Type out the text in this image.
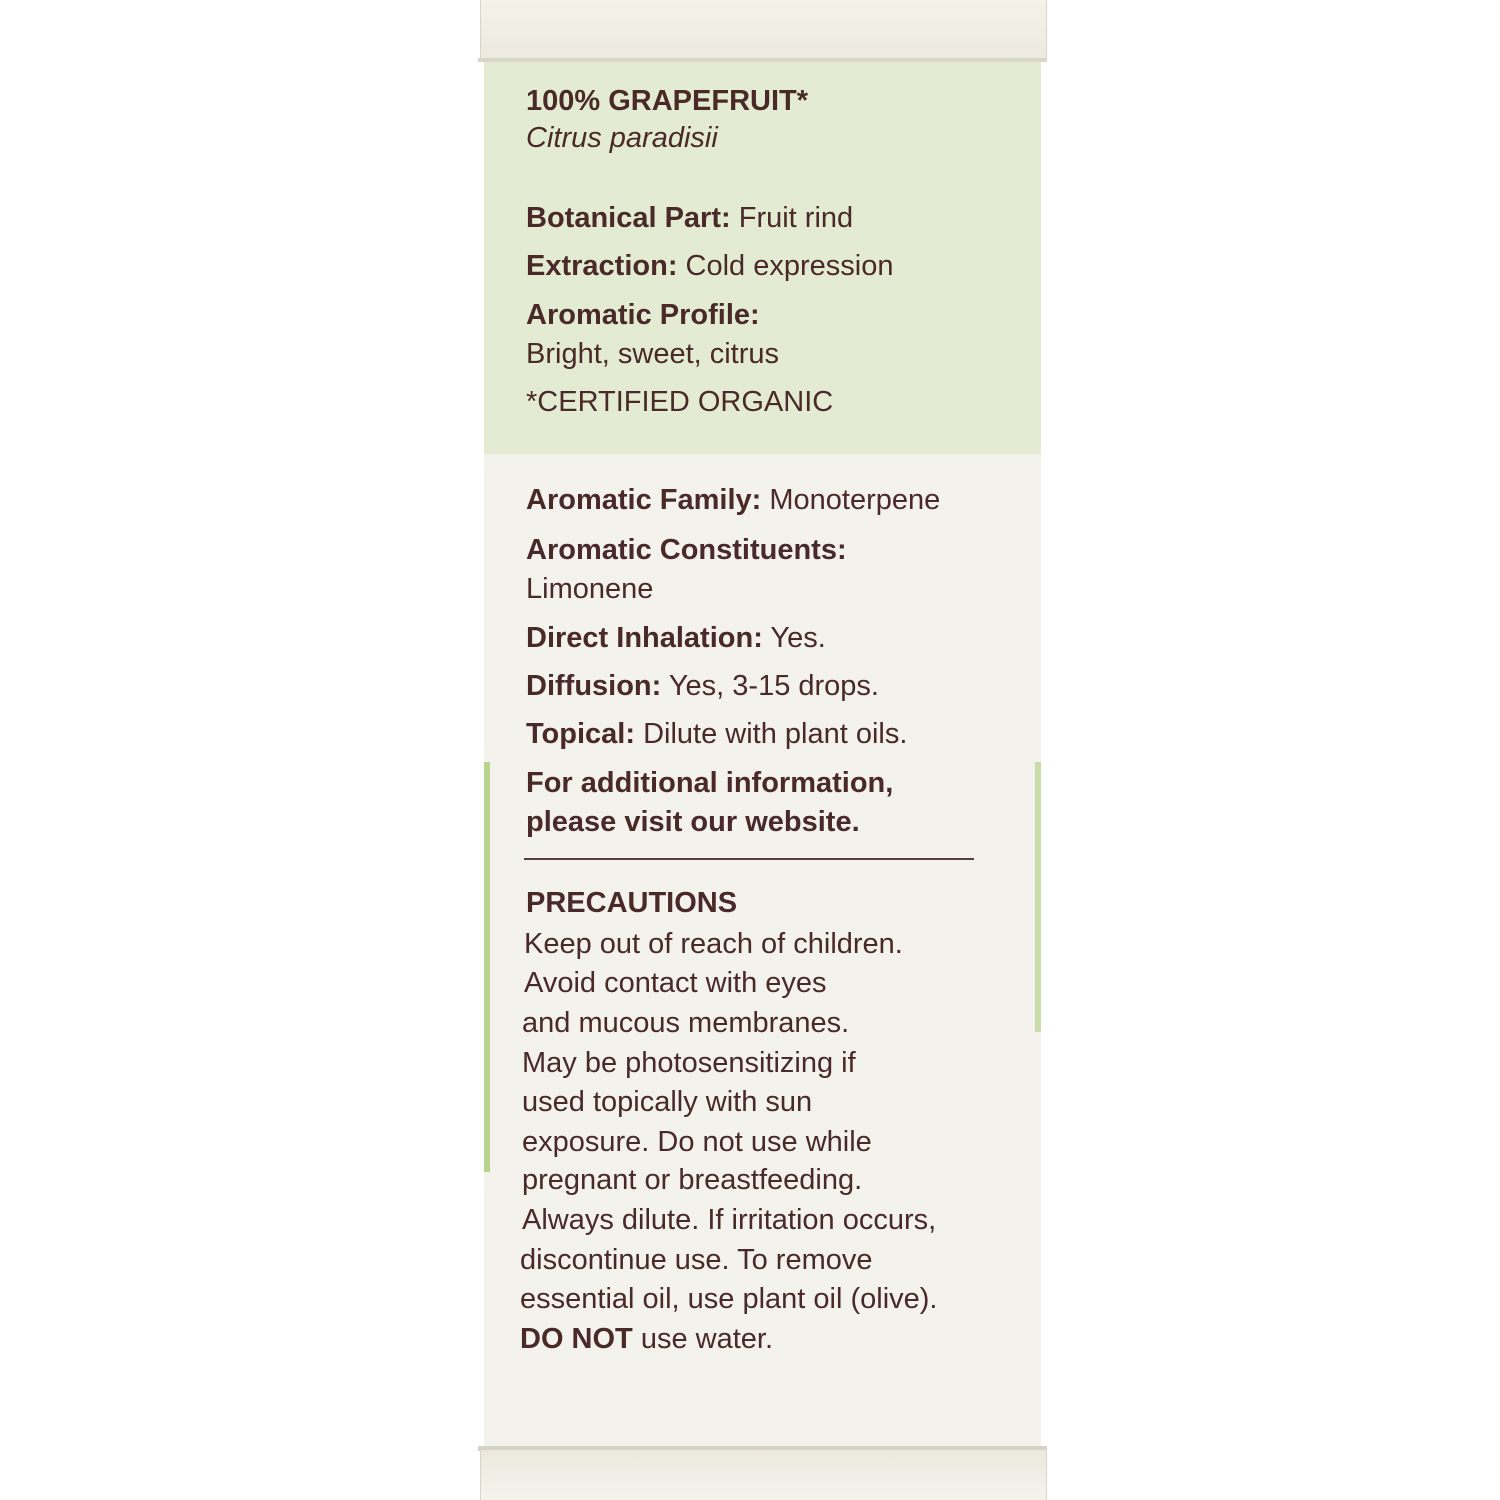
100% GRAPEFRUIT*
Citrus paradisii
Botanical Part: Fruit rind
Extraction: Cold expression
Aromatic Profile:
Bright, sweet, citrus
*CERTIFIED ORGANIC
Aromatic Family: Monoterpene
Aromatic Constituents:
Limonene
Direct Inhalation: Yes.
Diffusion: Yes, 3-15 drops.
Topical: Dilute with plant oils.
For additional information,
please visit our website.
PRECAUTIONS
Keep out of reach of children.
Avoid contact with eyes
and mucous membranes.
May be photosensitizing if
used topically with sun
exposure. Do not use while
pregnant or breastfeeding.
Always dilute. If irritation occurs,
discontinue use. To remove
essential oil, use plant oil (olive).
DO NOT use water.
